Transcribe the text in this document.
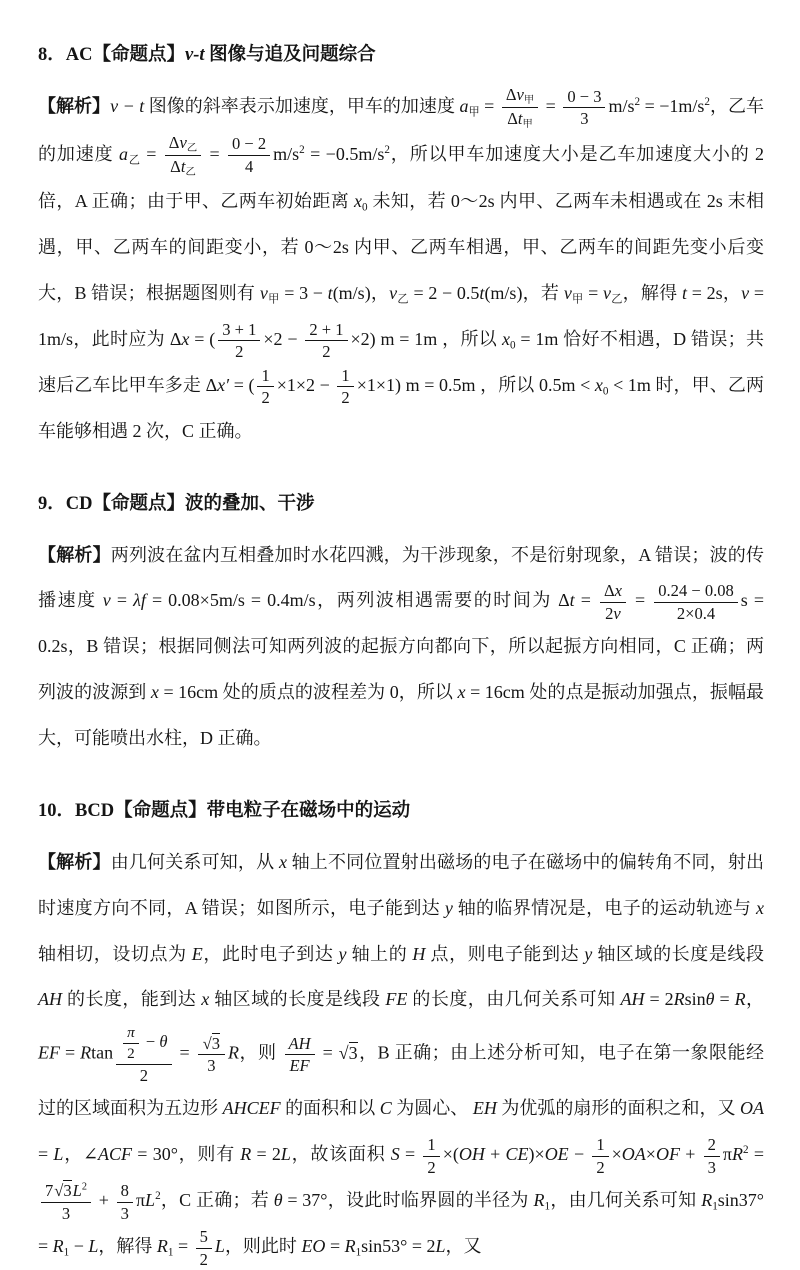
8．AC【命题点】v-t 图像与追及问题综合

【解析】v − t 图像的斜率表示加速度，甲车的加速度 $a_甲 = \frac{\Delta v_甲}{\Delta t_甲} = \frac{0 - 3}{3} m/s^2 = -1m/s^2$，乙车的加速度 $a_乙 = \frac{\Delta v_乙}{\Delta t_乙} = \frac{0 - 2}{4} m/s^2 = -0.5m/s^2$，所以甲车加速度大小是乙车加速度大小的 2 倍，A 正确；由于甲、乙两车初始距离 $x_0$ 未知，若 0～2s 内甲、乙两车未相遇或在 2s 末相遇，甲、乙两车的间距变小，若 0～2s 内甲、乙两车相遇，甲、乙两车的间距先变小后变大，B 错误；根据题图则有 $v_甲 = 3 - t(m/s)$，$v_乙 = 2 - 0.5t(m/s)$，若 $v_甲 = v_乙$，解得 t = 2s，v = 1m/s，此时应为 Δx = ( $\frac{3 + 1}{2} \times 2 - \frac{2 + 1}{2} \times 2$) m = 1m ，所以 $x_0 = 1m$ 恰好不相遇，D 错误；共速后乙车比甲车多走 Δx′ = ( $\frac{1}{2} \times 1\times 2 - \frac{1}{2} \times 1\times 1$) m = 0.5m ，所以 $0.5m < x_0 < 1m$ 时，甲、乙两车能够相遇 2 次，C 正确。

9．CD【命题点】波的叠加、干涉

【解析】两列波在盆内互相叠加时水花四溅，为干涉现象，不是衍射现象，A 错误；波的传播速度 v = λf = 0.08×5m/s = 0.4m/s，两列波相遇需要的时间为 $\Delta t = \frac{\Delta x}{2v} = \frac{0.24 - 0.08}{2\times 0.4}$ s = 0.2s，B 错误；根据同侧法可知两列波的起振方向都向下，所以起振方向相同，C 正确；两列波的波源到 x = 16cm 处的质点的波程差为 0，所以 x = 16cm 处的点是振动加强点，振幅最大，可能喷出水柱，D 正确。

10．BCD【命题点】带电粒子在磁场中的运动

【解析】由几何关系可知，从 x 轴上不同位置射出磁场的电子在磁场中的偏转角不同，射出时速度方向不同，A 错误；如图所示，电子能到达 y 轴的临界情况是，电子的运动轨迹与 x 轴相切，设切点为 E，此时电子到达 y 轴上的 H 点，则电子能到达 y 轴区域的长度是线段 AH 的长度，能到达 x 轴区域的长度是线段 FE 的长度，由几何关系可知 AH = 2Rsinθ = R， EF = Rtan $\frac{\frac{\pi}{2} - \theta}{2} = \frac{√3}{3}$ R，则 $\frac{AH}{EF} = √3$，B 正确；由上述分析可知，电子在第一象限能经过的区域面积为五边形 AHCEF 的面积和以 C 为圆心、 EH 为优弧的扇形的面积之和，又 OA = L，∠ACF = 30°，则有 R = 2L，故该面积 $S = \frac{1}{2} \times(OH + CE)\times OE - \frac{1}{2} \times OA\times OF + \frac{2}{3} \pi R^2$ =
$\frac{7√3L^2}{3} + \frac{8}{3} \pi L^2$，C 正确；若 θ = 37°，设此时临界圆的半径为 $R_1$，由几何关系可知 $R_1\sin 37^\circ = R_1 - L$，解得 $R_1 = \frac{5}{2}$ L，则此时 EO = $R_1\sin 53^\circ = 2L$，又
